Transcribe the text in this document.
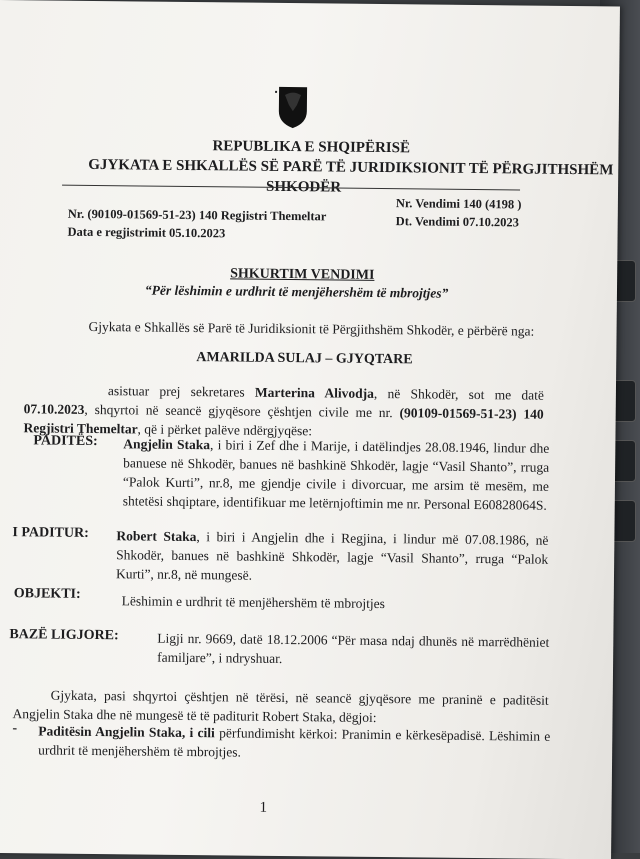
REPUBLIKA E SHQIPËRISË
GJYKATA E SHKALLËS SË PARË TË JURIDIKSIONIT TË PËRGJITHSHËM
Nr. (90109-01569-51-23) 140 Regjistri Themeltar
Data e regjistrimit 05.10.2023
Nr. Vendimi 140 (4198 )
Dt. Vendimi 07.10.2023
SHKURTIM VENDIMI
“Për lëshimin e urdhrit të menjëhershëm të mbrojtjes”
Gjykata e Shkallës së Parë të Juridiksionit të Përgjithshëm Shkodër, e përbërë nga:
AMARILDA SULAJ – GJYQTARE
asistuar prej sekretares Marterina Alivodja, në Shkodër, sot me datë 07.10.2023, shqyrtoi në seancë gjyqësore çështjen civile me nr. (90109-01569-51-23) 140 Regjistri Themeltar, që i përket palëve ndërgjyqëse:
PADITËS: Angjelin Staka, i biri i Zef dhe i Marije, i datëlindjes 28.08.1946, lindur dhe banuese në Shkodër, banues në bashkinë Shkodër, lagje “Vasil Shanto”, rruga “Palok Kurti”, nr.8, me gjendje civile i divorcuar, me arsim të mesëm, me shtetësi shqiptare, identifikuar me letërnjoftimin me nr. Personal E60828064S.
I PADITUR: Robert Staka, i biri i Angjelin dhe i Regjina, i lindur më 07.08.1986, në Shkodër, banues në bashkinë Shkodër, lagje “Vasil Shanto”, rruga “Palok Kurti”, nr.8, në mungesë.
OBJEKTI:	Lëshimin e urdhrit të menjëhershëm të mbrojtjes
BAZË LIGJORE:	Ligji nr. 9669, datë 18.12.2006 “Për masa ndaj dhunës në marrëdhëniet familjare”, i ndryshuar.
Gjykata, pasi shqyrtoi çështjen në tërësi, në seancë gjyqësore me praninë e paditësit Angjelin Staka dhe në mungesë të të paditurit Robert Staka, dëgjoi:
- Paditësin Angjelin Staka, i cili përfundimisht kërkoi: Pranimin e kërkesëpadisë. Lëshimin e urdhrit të menjëhershëm të mbrojtjes.
1
